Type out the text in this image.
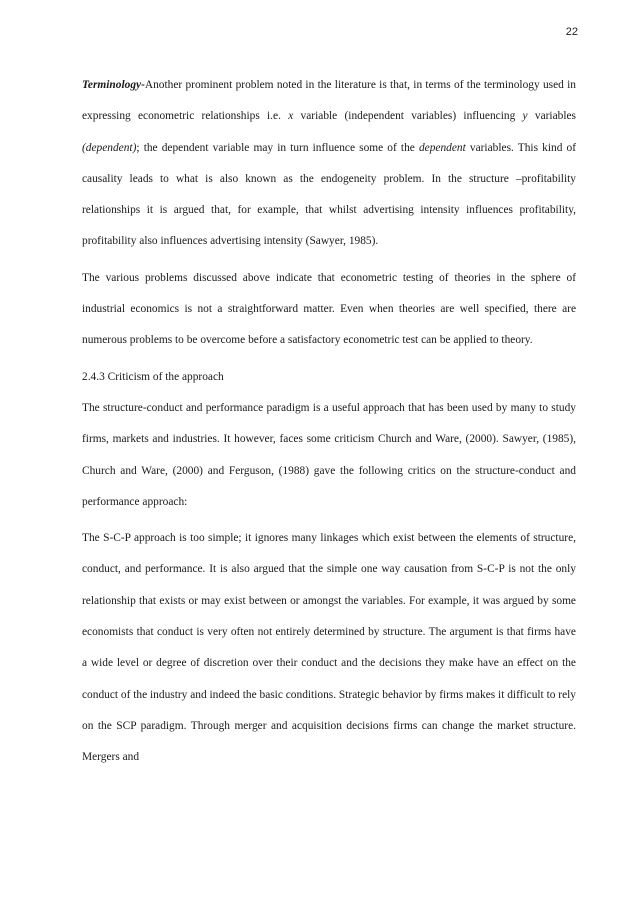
22

Terminology-Another prominent problem noted in the literature is that, in terms of the terminology used in expressing econometric relationships i.e. x variable (independent variables) influencing y variables (dependent); the dependent variable may in turn influence some of the dependent variables. This kind of causality leads to what is also known as the endogeneity problem. In the structure –profitability relationships it is argued that, for example, that whilst advertising intensity influences profitability, profitability also influences advertising intensity (Sawyer, 1985).

The various problems discussed above indicate that econometric testing of theories in the sphere of industrial economics is not a straightforward matter. Even when theories are well specified, there are numerous problems to be overcome before a satisfactory econometric test can be applied to theory.

2.4.3 Criticism of the approach

The structure-conduct and performance paradigm is a useful approach that has been used by many to study firms, markets and industries. It however, faces some criticism Church and Ware, (2000). Sawyer, (1985), Church and Ware, (2000) and Ferguson, (1988) gave the following critics on the structure-conduct and performance approach:

The S-C-P approach is too simple; it ignores many linkages which exist between the elements of structure, conduct, and performance. It is also argued that the simple one way causation from S-C-P is not the only relationship that exists or may exist between or amongst the variables. For example, it was argued by some economists that conduct is very often not entirely determined by structure. The argument is that firms have a wide level or degree of discretion over their conduct and the decisions they make have an effect on the conduct of the industry and indeed the basic conditions. Strategic behavior by firms makes it difficult to rely on the SCP paradigm. Through merger and acquisition decisions firms can change the market structure. Mergers and
